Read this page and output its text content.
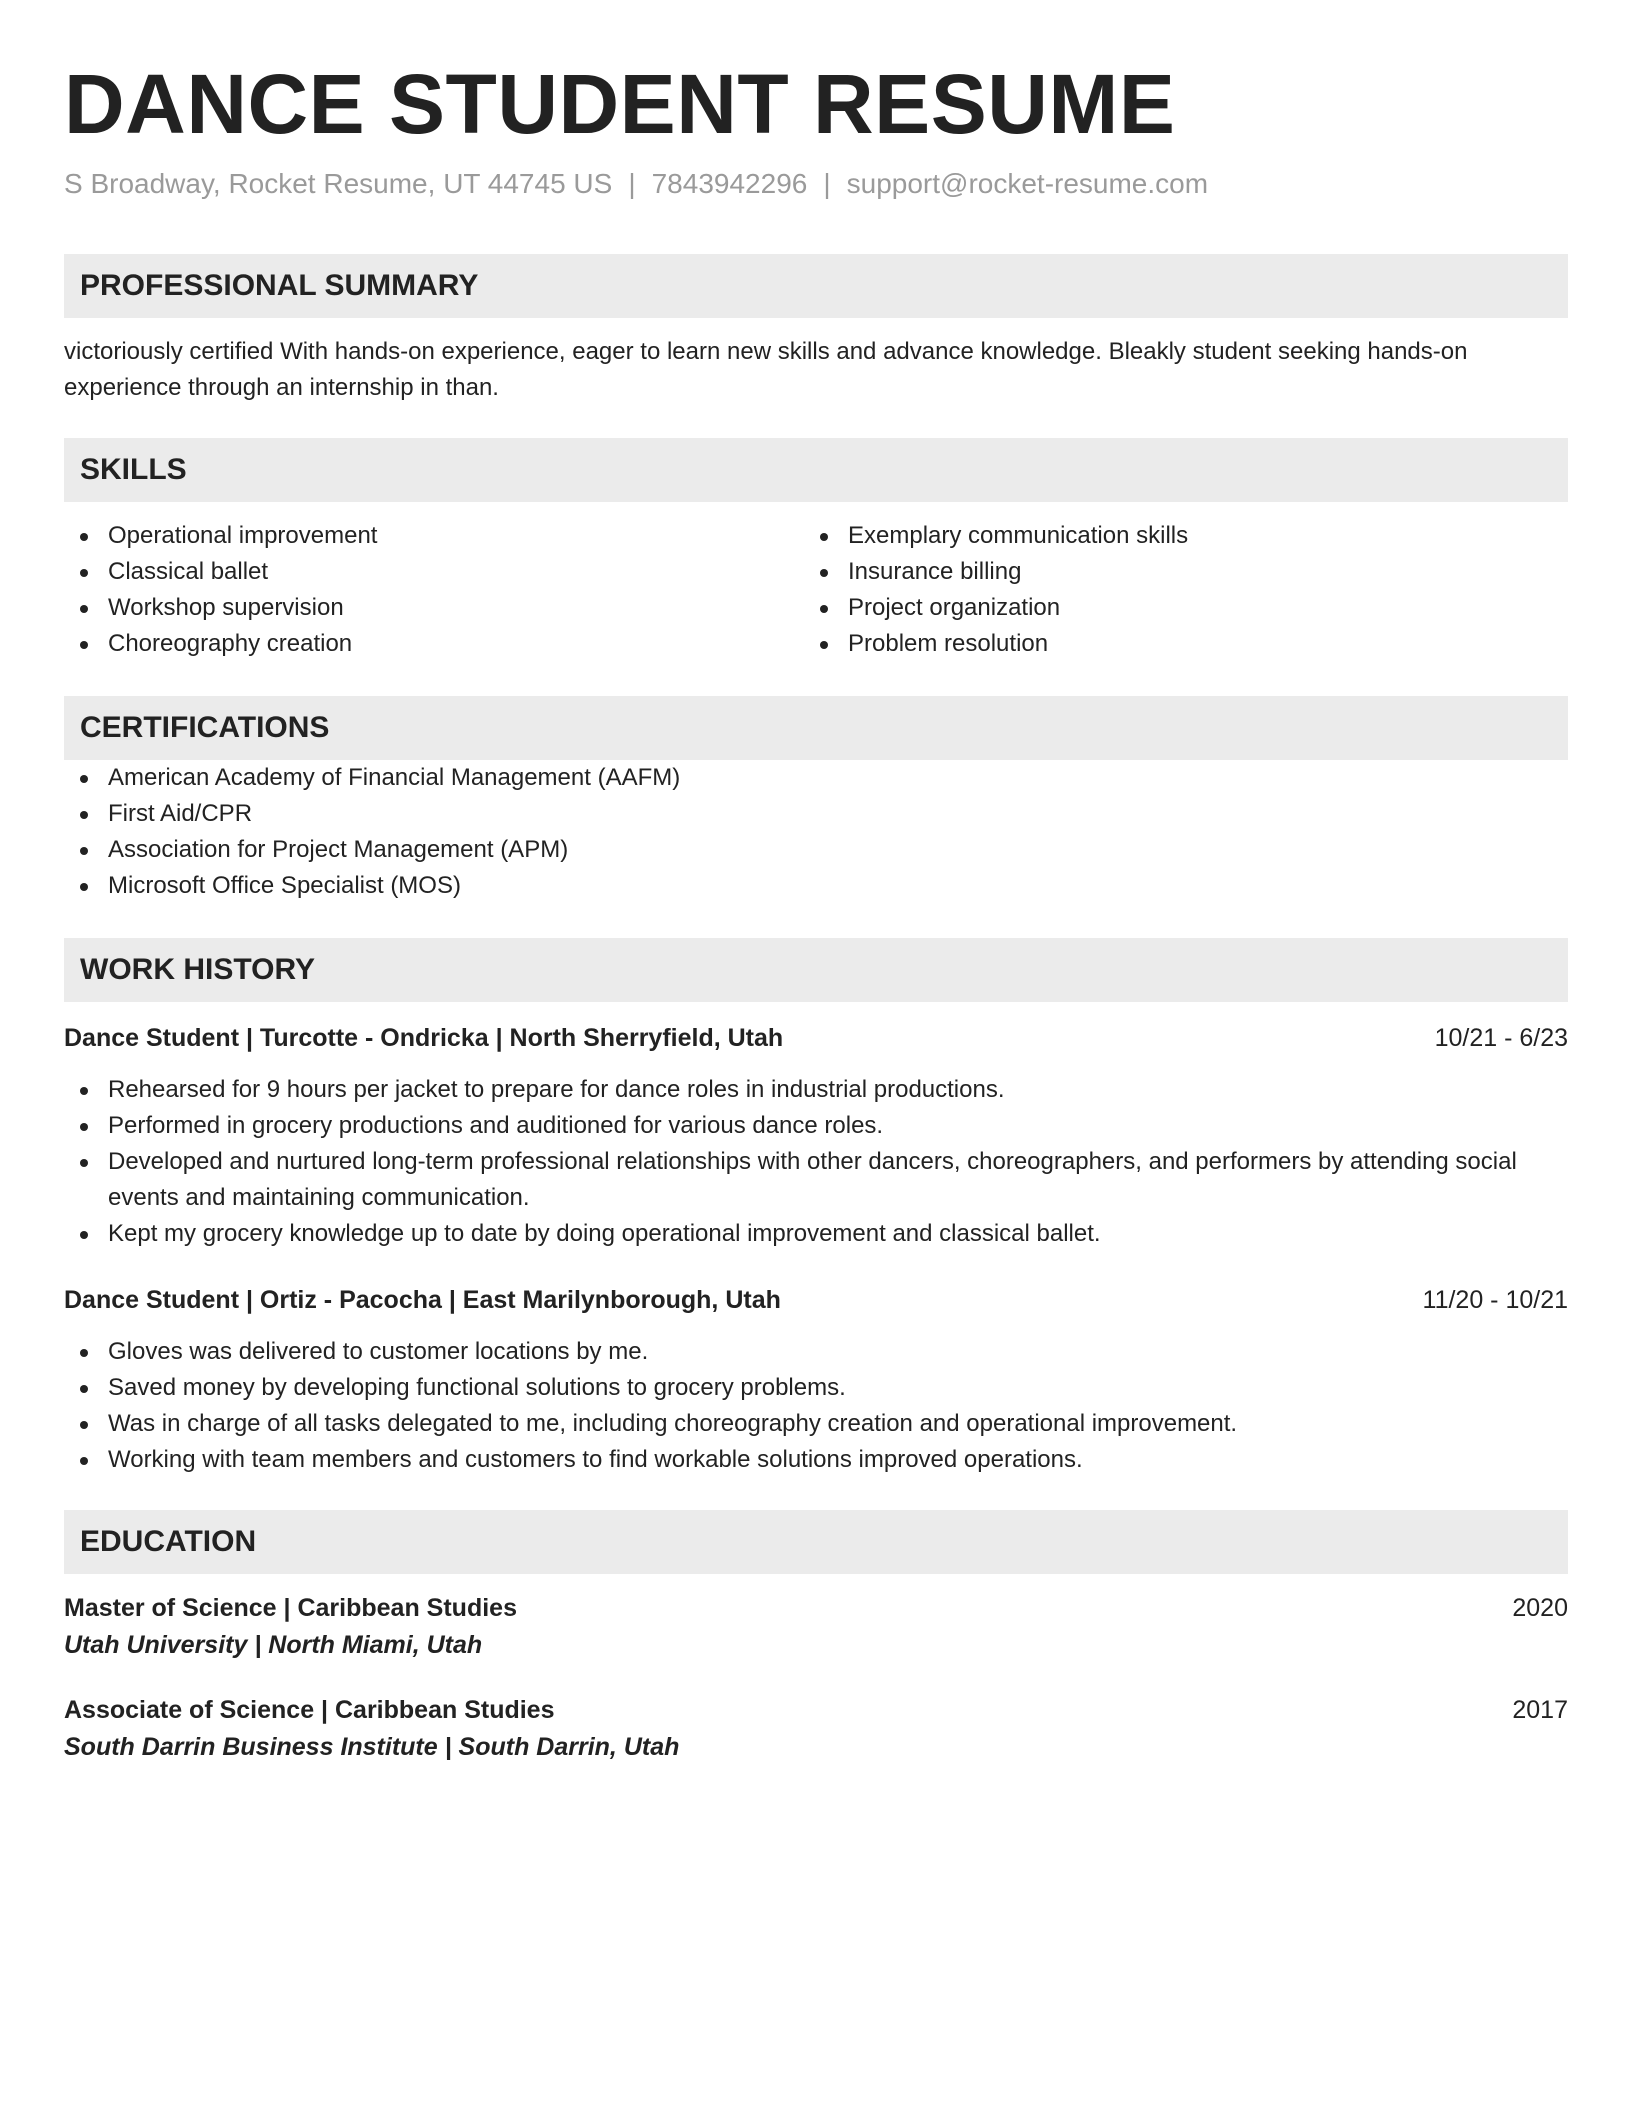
DANCE STUDENT RESUME
S Broadway, Rocket Resume, UT 44745 US | 7843942296 | support@rocket-resume.com
PROFESSIONAL SUMMARY
victoriously certified With hands-on experience, eager to learn new skills and advance knowledge. Bleakly student seeking hands-on experience through an internship in than.
SKILLS
Operational improvement
Classical ballet
Workshop supervision
Choreography creation
Exemplary communication skills
Insurance billing
Project organization
Problem resolution
CERTIFICATIONS
American Academy of Financial Management (AAFM)
First Aid/CPR
Association for Project Management (APM)
Microsoft Office Specialist (MOS)
WORK HISTORY
Dance Student | Turcotte - Ondricka | North Sherryfield, Utah	10/21 - 6/23
Rehearsed for 9 hours per jacket to prepare for dance roles in industrial productions.
Performed in grocery productions and auditioned for various dance roles.
Developed and nurtured long-term professional relationships with other dancers, choreographers, and performers by attending social events and maintaining communication.
Kept my grocery knowledge up to date by doing operational improvement and classical ballet.
Dance Student | Ortiz - Pacocha | East Marilynborough, Utah	11/20 - 10/21
Gloves was delivered to customer locations by me.
Saved money by developing functional solutions to grocery problems.
Was in charge of all tasks delegated to me, including choreography creation and operational improvement.
Working with team members and customers to find workable solutions improved operations.
EDUCATION
Master of Science | Caribbean Studies	2020
Utah University | North Miami, Utah
Associate of Science | Caribbean Studies	2017
South Darrin Business Institute | South Darrin, Utah
